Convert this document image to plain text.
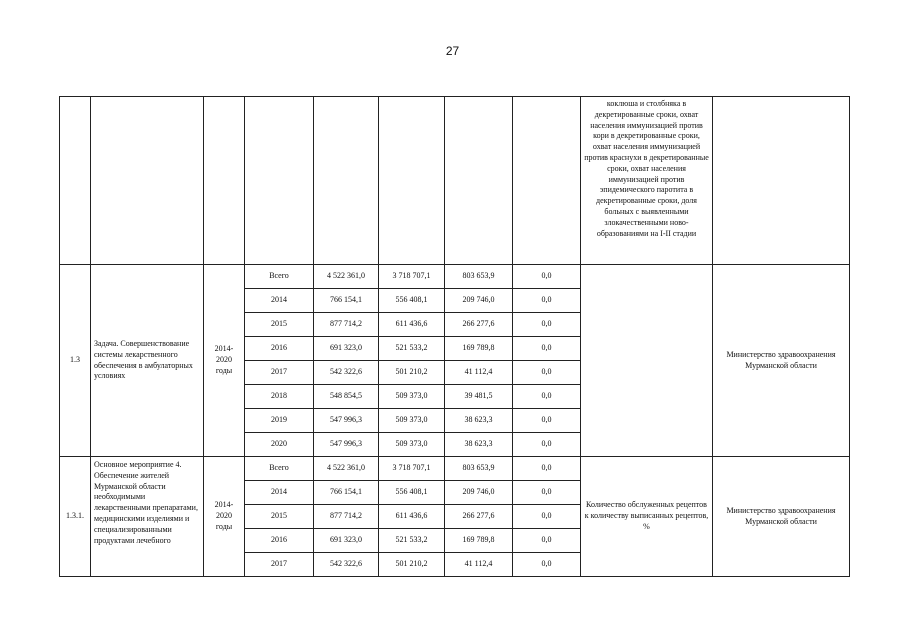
27
								коклюша и столбняка в декретированные сроки, охват населения иммунизацией против кори в декретированные сроки, охват населения иммунизацией против краснухи в декретированные сроки, охват населения иммунизацией против эпидемического паротита в декретированные сроки, доля больных с выявленными злокачественными ново-образованиями на I-II стадии	
1.3	Задача. Совершенствование системы лекарственного обеспечения в амбулаторных условиях	2014-2020 годы	Всего	4 522 361,0	3 718 707,1	803 653,9	0,0		Министерство здравоохранения Мурманской области
			2014	766 154,1	556 408,1	209 746,0	0,0		
			2015	877 714,2	611 436,6	266 277,6	0,0		
			2016	691 323,0	521 533,2	169 789,8	0,0		
			2017	542 322,6	501 210,2	41 112,4	0,0		
			2018	548 854,5	509 373,0	39 481,5	0,0		
			2019	547 996,3	509 373,0	38 623,3	0,0		
			2020	547 996,3	509 373,0	38 623,3	0,0		
1.3.1.	Основное мероприятие 4. Обеспечение жителей Мурманской области необходимыми лекарственными препаратами, медицинскими изделиями и специализированными продуктами лечебного	2014-2020 годы	Всего	4 522 361,0	3 718 707,1	803 653,9	0,0	Количество обслуженных рецептов к количеству выписанных рецептов, %	Министерство здравоохранения Мурманской области
			2014	766 154,1	556 408,1	209 746,0	0,0		
			2015	877 714,2	611 436,6	266 277,6	0,0		
			2016	691 323,0	521 533,2	169 789,8	0,0		
			2017	542 322,6	501 210,2	41 112,4	0,0		
